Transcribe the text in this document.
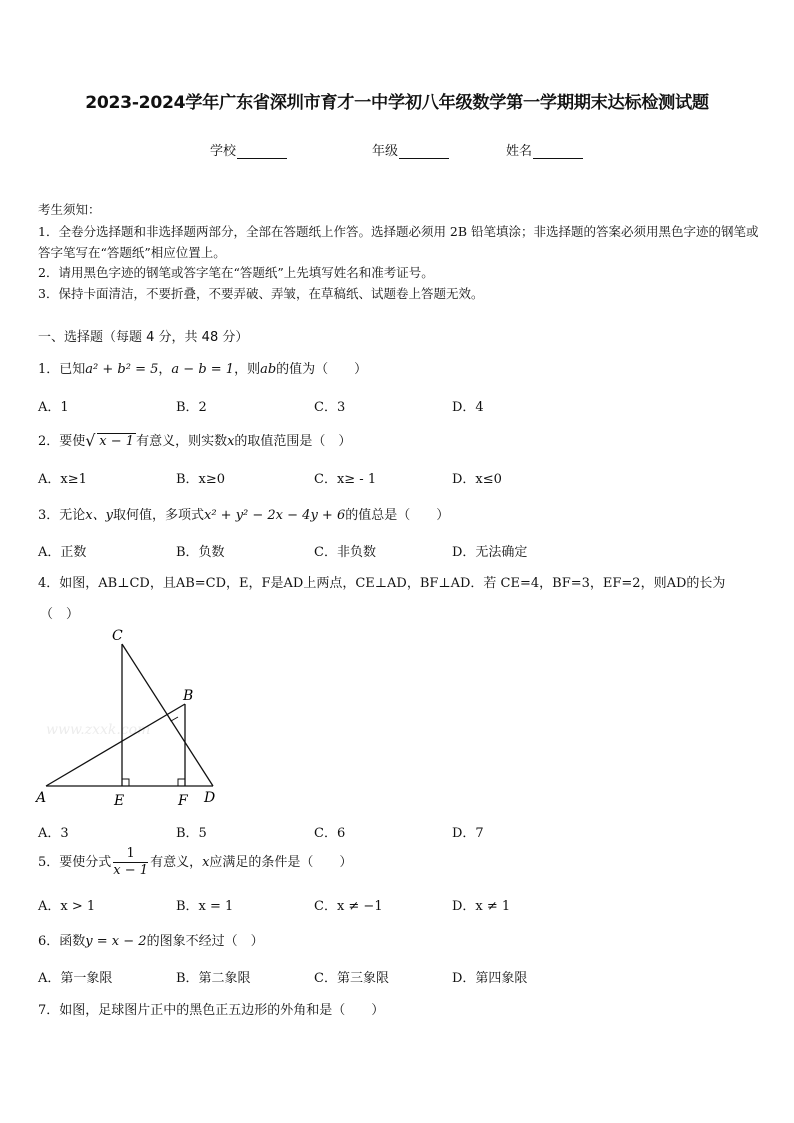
2023-2024学年广东省深圳市育才一中学初八年级数学第一学期期末达标检测试题
学校	年级	姓名
考生须知：
1．全卷分选择题和非选择题两部分，全部在答题纸上作答。选择题必须用 2B 铅笔填涂；非选择题的答案必须用黑色字迹的钢笔或答字笔写在“答题纸”相应位置上。
2．请用黑色字迹的钢笔或答字笔在“答题纸”上先填写姓名和准考证号。
3．保持卡面清洁，不要折叠，不要弄破、弄皱，在草稿纸、试题卷上答题无效。
一、选择题（每题 4 分，共 48 分）
1．已知a² + b² = 5，a − b = 1，则ab的值为（　　）
A．1	B．2	C．3	D．4
2．要使 √ x − 1 有意义，则实数x的取值范围是（　）
A．x≥1	B．x≥0	C．x≥ - 1	D．x≤0
3．无论x、y取何值，多项式x² + y² − 2x − 4y + 6的值总是（　　）
A．正数	B．负数	C．非负数	D．无法确定
4．如图，AB⊥CD，且AB=CD，E，F是AD上两点，CE⊥AD，BF⊥AD．若 CE=4，BF=3，EF=2，则AD的长为
（　）
www.zxxk.com
C
B
A	E	F D
A．3	B．5	C．6	D．7
5．要使分式 $\frac{1}{x - 1}$ 有意义，x应满足的条件是（　　）
A．x > 1	B．x = 1	C．x ≠ −1	D．x ≠ 1
6．函数y = x − 2的图象不经过（　）
A．第一象限	B．第二象限	C．第三象限	D．第四象限
7．如图，足球图片正中的黑色正五边形的外角和是（　　）
